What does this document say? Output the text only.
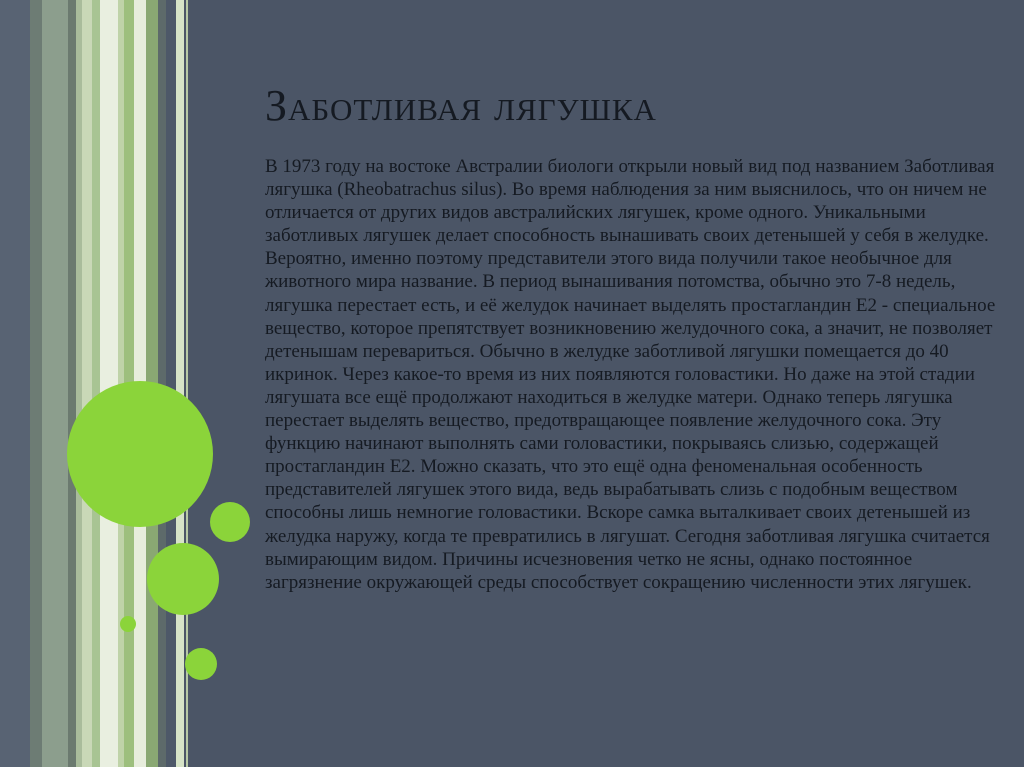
Заботливая лягушка

В 1973 году на востоке Австралии биологи открыли новый вид под названием Заботливая лягушка (Rheobatrachus silus). Во время наблюдения за ним выяснилось, что он ничем не отличается от других видов австралийских лягушек, кроме одного. Уникальными заботливых лягушек делает способность вынашивать своих детенышей у себя в желудке. Вероятно, именно поэтому представители этого вида получили такое необычное для животного мира название. В период вынашивания потомства, обычно это 7-8 недель, лягушка перестает есть, и её желудок начинает выделять простагландин Е2 - специальное вещество, которое препятствует возникновению желудочного сока, а значит, не позволяет детенышам перевариться. Обычно в желудке заботливой лягушки помещается до 40 икринок. Через какое-то время из них появляются головастики. Но даже на этой стадии лягушата все ещё продолжают находиться в желудке матери. Однако теперь лягушка перестает выделять вещество, предотвращающее появление желудочного сока. Эту функцию начинают выполнять сами головастики, покрываясь слизью, содержащей простагландин Е2. Можно сказать, что это ещё одна феноменальная особенность представителей лягушек этого вида, ведь вырабатывать слизь с подобным веществом способны лишь немногие головастики. Вскоре самка выталкивает своих детенышей из желудка наружу, когда те превратились в лягушат. Сегодня заботливая лягушка считается вымирающим видом. Причины исчезновения четко не ясны, однако постоянное загрязнение окружающей среды способствует сокращению численности этих лягушек.
